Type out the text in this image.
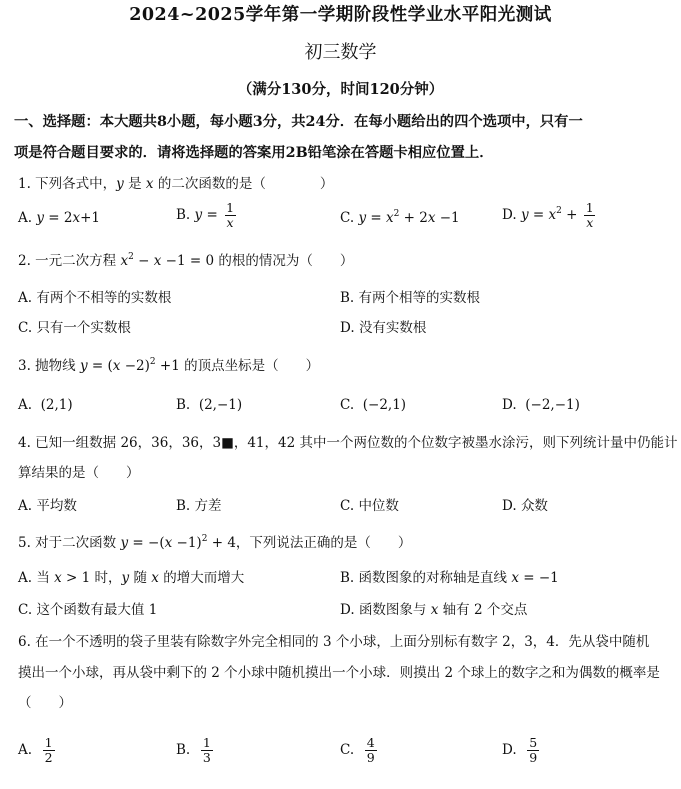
2024~2025学年第一学期阶段性学业水平阳光测试
初三数学
（满分130分，时间120分钟）
一、选择题：本大题共8小题，每小题3分，共24分．在每小题给出的四个选项中，只有一
项是符合题目要求的．请将选择题的答案用2B铅笔涂在答题卡相应位置上．
1. 下列各式中，y 是 x 的二次函数的是（　　　　	）
A. y = 2x+1	B. $y = \frac{1}{x}$	C. $y = x^2 + 2x -1$	D. $y = x^2 + \frac{1}{x}$
2. 一元二次方程 $x^2 - x -1 = 0$ 的根的情况为（　　 ）
A. 有两个不相等的实数根	B. 有两个相等的实数根
C. 只有一个实数根	D. 没有实数根
3. 抛物线 $y = (x -2)^2 +1$ 的顶点坐标是（　　 ）
A. (2,1)	B. (2,−1)	C. (−2,1)	D. (−2,−1)
4. 已知一组数据 26，36，36，3■，41，42 其中一个两位数的个位数字被墨水涂污，则下列统计量中仍能计
算结果的是（　　）
A. 平均数	B. 方差	C. 中位数	D. 众数
5. 对于二次函数 $y = -(x -1)^2 + 4$，下列说法正确的是（　　 ）
A. 当 x > 1 时，y 随 x 的增大而增大	B. 函数图象的对称轴是直线 x = −1
C. 这个函数有最大值 1	D. 函数图象与 x 轴有 2 个交点
6. 在一个不透明的袋子里装有除数字外完全相同的 3 个小球，上面分别标有数字 2，3，4．先从袋中随机
摸出一个小球，再从袋中剩下的 2 个小球中随机摸出一个小球．则摸出 2 个球上的数字之和为偶数的概率是
（　　）
A. $\frac{1}{2}$	B. $\frac{1}{3}$	C. $\frac{4}{9}$	D. $\frac{5}{9}$
